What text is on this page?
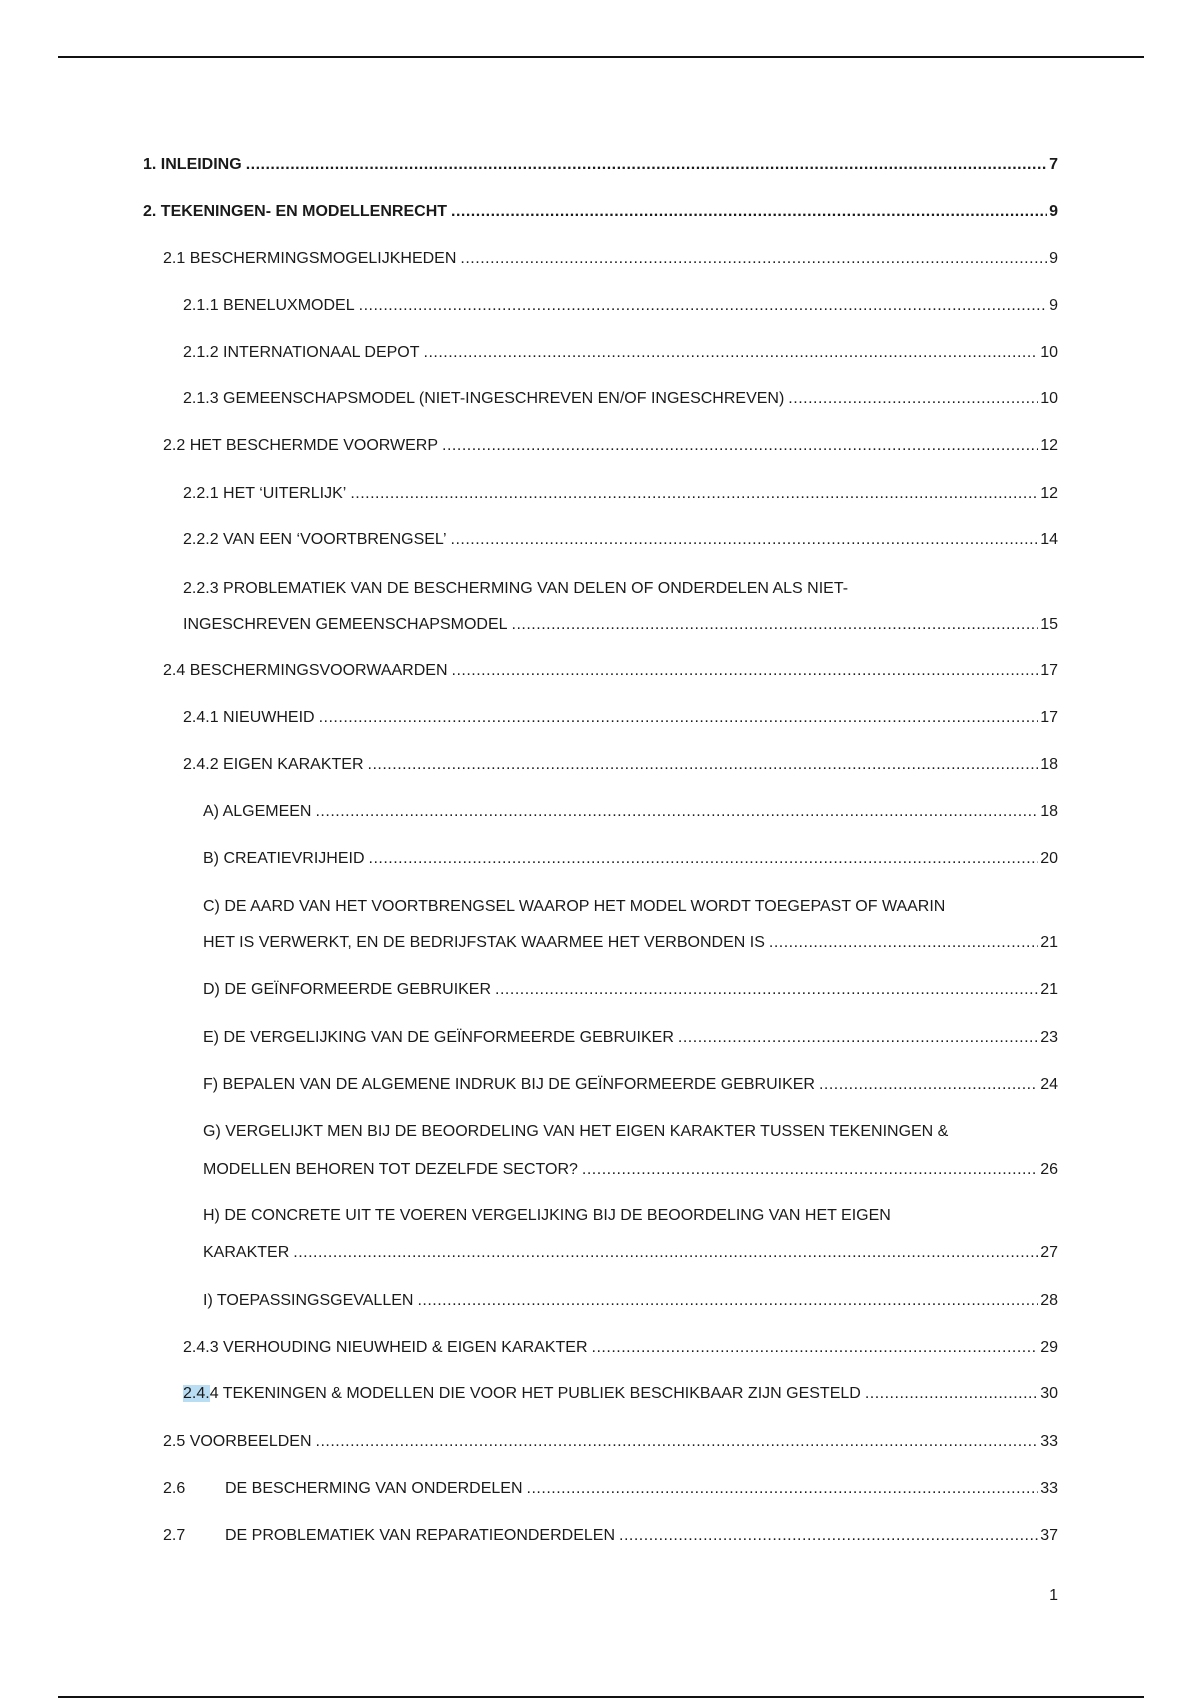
1. INLEIDING .....	7
2. TEKENINGEN- EN MODELLENRECHT .....	9
2.1 BESCHERMINGSMOGELIJKHEDEN .....	9
2.1.1 BENELUXMODEL .....	9
2.1.2 INTERNATIONAAL DEPOT .....	10
2.1.3 GEMEENSCHAPSMODEL (NIET-INGESCHREVEN EN/OF INGESCHREVEN) .....	10
2.2 HET BESCHERMDE VOORWERP .....	12
2.2.1 HET ‘UITERLIJK’ .....	12
2.2.2 VAN EEN ‘VOORTBRENGSEL’ .....	14
2.2.3 PROBLEMATIEK VAN DE BESCHERMING VAN DELEN OF ONDERDELEN ALS NIET-
INGESCHREVEN GEMEENSCHAPSMODEL .....	15
2.4 BESCHERMINGSVOORWAARDEN .....	17
2.4.1 NIEUWHEID .....	17
2.4.2 EIGEN KARAKTER .....	18
A) ALGEMEEN .....	18
B) CREATIEVRIJHEID .....	20
C) DE AARD VAN HET VOORTBRENGSEL WAAROP HET MODEL WORDT TOEGEPAST OF WAARIN
HET IS VERWERKT, EN DE BEDRIJFSTAK WAARMEE HET VERBONDEN IS .....	21
D) DE GEÏNFORMEERDE GEBRUIKER .....	21
E) DE VERGELIJKING VAN DE GEÏNFORMEERDE GEBRUIKER .....	23
F) BEPALEN VAN DE ALGEMENE INDRUK BIJ DE GEÏNFORMEERDE GEBRUIKER .....	24
G) VERGELIJKT MEN BIJ DE BEOORDELING VAN HET EIGEN KARAKTER TUSSEN TEKENINGEN &
MODELLEN BEHOREN TOT DEZELFDE SECTOR? .....	26
H) DE CONCRETE UIT TE VOEREN VERGELIJKING BIJ DE BEOORDELING VAN HET EIGEN
KARAKTER .....	27
I) TOEPASSINGSGEVALLEN .....	28
2.4.3 VERHOUDING NIEUWHEID & EIGEN KARAKTER .....	29
2.4.4 TEKENINGEN & MODELLEN DIE VOOR HET PUBLIEK BESCHIKBAAR ZIJN GESTELD .....	30
2.5 VOORBEELDEN .....	33
2.6 DE BESCHERMING VAN ONDERDELEN .....	33
2.7 DE PROBLEMATIEK VAN REPARATIEONDERDELEN .....	37
1
